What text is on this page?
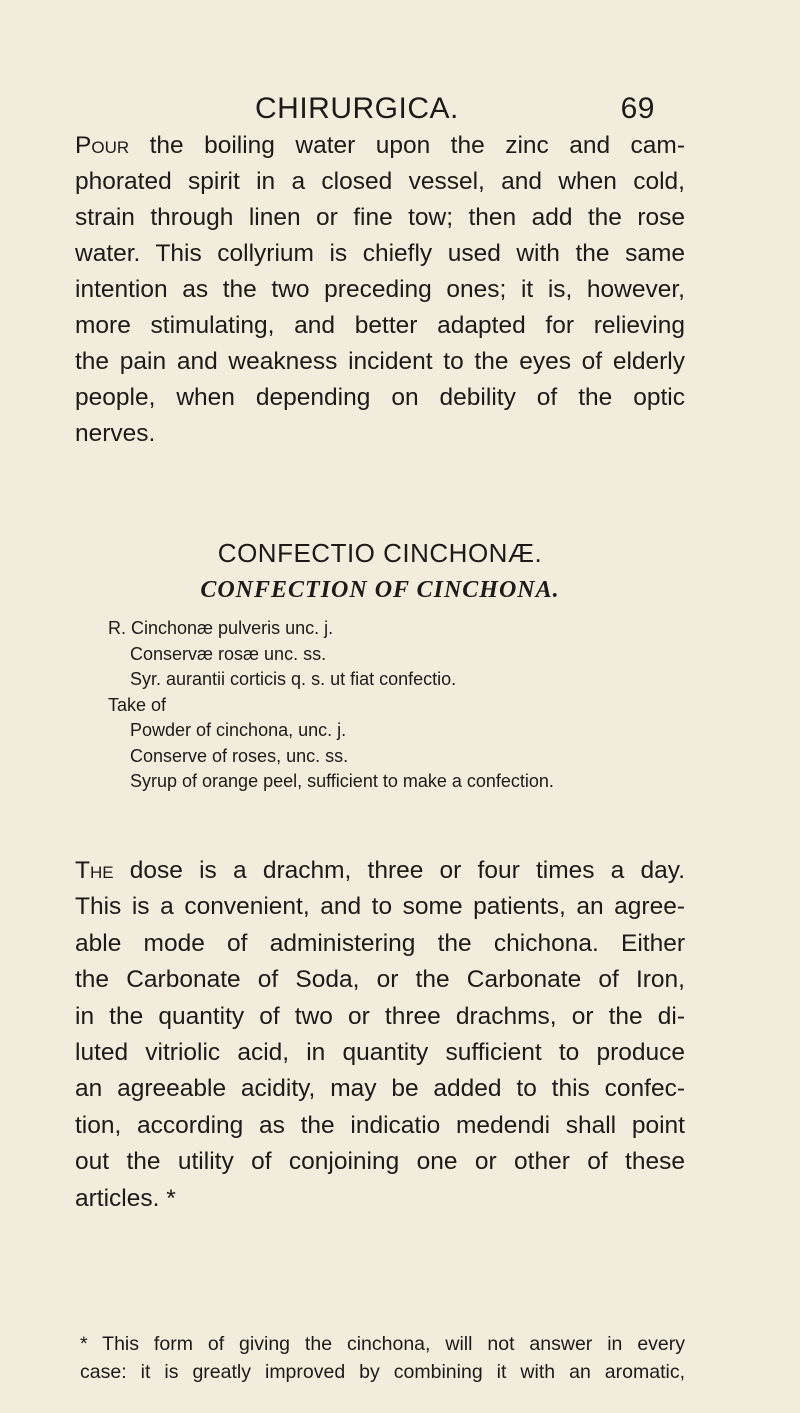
CHIRURGICA.	69
Pour the boiling water upon the zinc and cam-
phorated spirit in a closed vessel, and when cold,
strain through linen or fine tow; then add the rose
water. This collyrium is chiefly used with the same
intention as the two preceding ones; it is, however,
more stimulating, and better adapted for relieving
the pain and weakness incident to the eyes of elderly
people, when depending on debility of the optic
nerves.
CONFECTIO CINCHONÆ.
CONFECTION OF CINCHONA.
R. Cinchonæ pulveris unc. j.
Conservæ rosæ unc. ss.
Syr. aurantii corticis q. s. ut fiat confectio.
Take of
Powder of cinchona, unc. j.
Conserve of roses, unc. ss.
Syrup of orange peel, sufficient to make a confection.
The dose is a drachm, three or four times a day.
This is a convenient, and to some patients, an agree-
able mode of administering the chichona. Either
the Carbonate of Soda, or the Carbonate of Iron,
in the quantity of two or three drachms, or the di-
luted vitriolic acid, in quantity sufficient to produce
an agreeable acidity, may be added to this confec-
tion, according as the indicatio medendi shall point
out the utility of conjoining one or other of these
articles. *
* This form of giving the cinchona, will not answer in every
case: it is greatly improved by combining it with an aromatic,
